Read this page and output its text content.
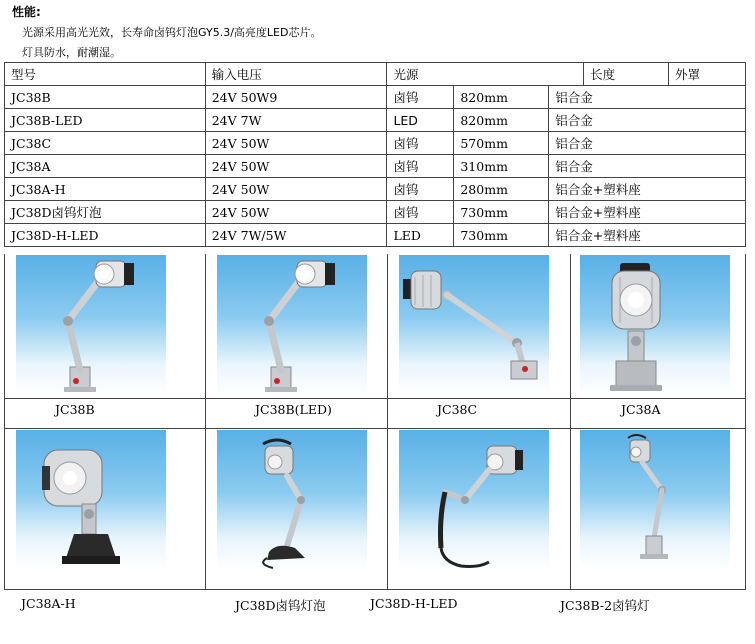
性能:
光源采用高光光效，长寿命卤钨灯泡GY5.3/高亮度LED芯片。
灯具防水，耐潮湿。
型号	输入电压	光源			长度	外罩
JC38B	24V 50W9	卤钨	820mm	铝合金		
JC38B-LED	24V 7W	LED	820mm	铝合金		
JC38C	24V 50W	卤钨	570mm	铝合金		
JC38A	24V 50W	卤钨	310mm	铝合金		
JC38A-H	24V 50W	卤钨	280mm	铝合金+塑料座		
JC38D卤钨灯泡	24V 50W	卤钨	730mm	铝合金+塑料座		
JC38D-H-LED	24V 7W/5W	LED	730mm	铝合金+塑料座		
JC38B	JC38B(LED)	JC38C	JC38A
JC38A-H	JC38D卤钨灯泡	JC38D-H-LED	JC38B-2卤钨灯
